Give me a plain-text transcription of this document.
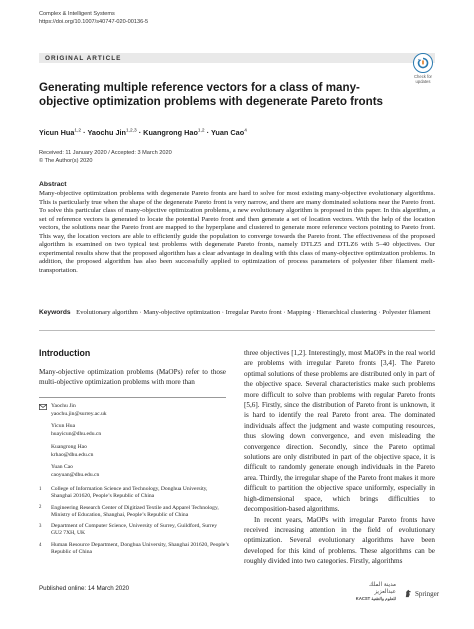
Complex & Intelligent Systems
https://doi.org/10.1007/s40747-020-00136-5
ORIGINAL ARTICLE
Check for
updates
Generating multiple reference vectors for a class of many-objective optimization problems with degenerate Pareto fronts
Yicun Hua$^{1,2}$ · Yaochu Jin$^{1,2,3}$ · Kuangrong Hao$^{1,2}$ · Yuan Cao$^4$
Received: 11 January 2020 / Accepted: 3 March 2020
© The Author(s) 2020
Abstract

Many-objective optimization problems with degenerate Pareto fronts are hard to solve for most existing many-objective evolutionary algorithms. This is particularly true when the shape of the degenerate Pareto front is very narrow, and there are many dominated solutions near the Pareto front. To solve this particular class of many-objective optimization problems, a new evolutionary algorithm is proposed in this paper. In this algorithm, a set of reference vectors is generated to locate the potential Pareto front and then generate a set of location vectors. With the help of the location vectors, the solutions near the Pareto front are mapped to the hyperplane and clustered to generate more reference vectors pointing to Pareto front. This way, the location vectors are able to efficiently guide the population to converge towards the Pareto front. The effectiveness of the proposed algorithm is examined on two typical test problems with degenerate Pareto fronts, namely DTLZ5 and DTLZ6 with 5–40 objectives. Our experimental results show that the proposed algorithm has a clear advantage in dealing with this class of many-objective optimization problems. In addition, the proposed algorithm has also been successfully applied to optimization of process parameters of polyester fiber filament melt-transportation.

Keywords Evolutionary algorithm · Many-objective optimization · Irregular Pareto front · Mapping · Hierarchical clustering · Polyester filament
Introduction

Many-objective optimization problems (MaOPs) refer to those multi-objective optimization problems with more than

Yaochu Jin
yaochu.jin@surrey.ac.uk
Yicun Hua
huayicun@dhu.edu.cn
Kuangrong Hao
krhao@dhu.edu.cn
Yuan Cao
caoyuan@dhu.edu.cn
1 College of Information Science and Technology, Donghua University, Shanghai 201620, People’s Republic of China
2 Engineering Research Center of Digitized Textile and Apparel Technology, Ministry of Education, Shanghai, People’s Republic of China
3 Department of Computer Science, University of Surrey, Guildford, Surrey GU2 7XH, UK
4 Human Resource Department, Donghua University, Shanghai 201620, People’s Republic of China
Published online: 14 March 2020

three objectives [1,2]. Interestingly, most MaOPs in the real world are problems with irregular Pareto fronts [3,4]. The Pareto optimal solutions of these problems are distributed only in part of the objective space. Several characteristics make such problems more difficult to solve than problems with regular Pareto fronts [5,6]. Firstly, since the distribution of Pareto front is unknown, it is hard to identify the real Pareto front area. The dominated individuals affect the judgment and waste computing resources, thus slowing down convergence, and even misleading the convergence direction. Secondly, since the Pareto optimal solutions are only distributed in part of the objective space, it is difficult to randomly generate enough individuals in the Pareto area. Thirdly, the irregular shape of the Pareto front makes it more difficult to partition the objective space uniformly, especially in high-dimensional space, which brings difficulties to decomposition-based algorithms.

In recent years, MaOPs with irregular Pareto fronts have received increasing attention in the field of evolutionary optimization. Several evolutionary algorithms have been developed for this kind of problems. These algorithms can be roughly divided into two categories. Firstly, algorithms

مدينة الملك عبدالعزيز
KACST للعلوم والتقنية
Springer
